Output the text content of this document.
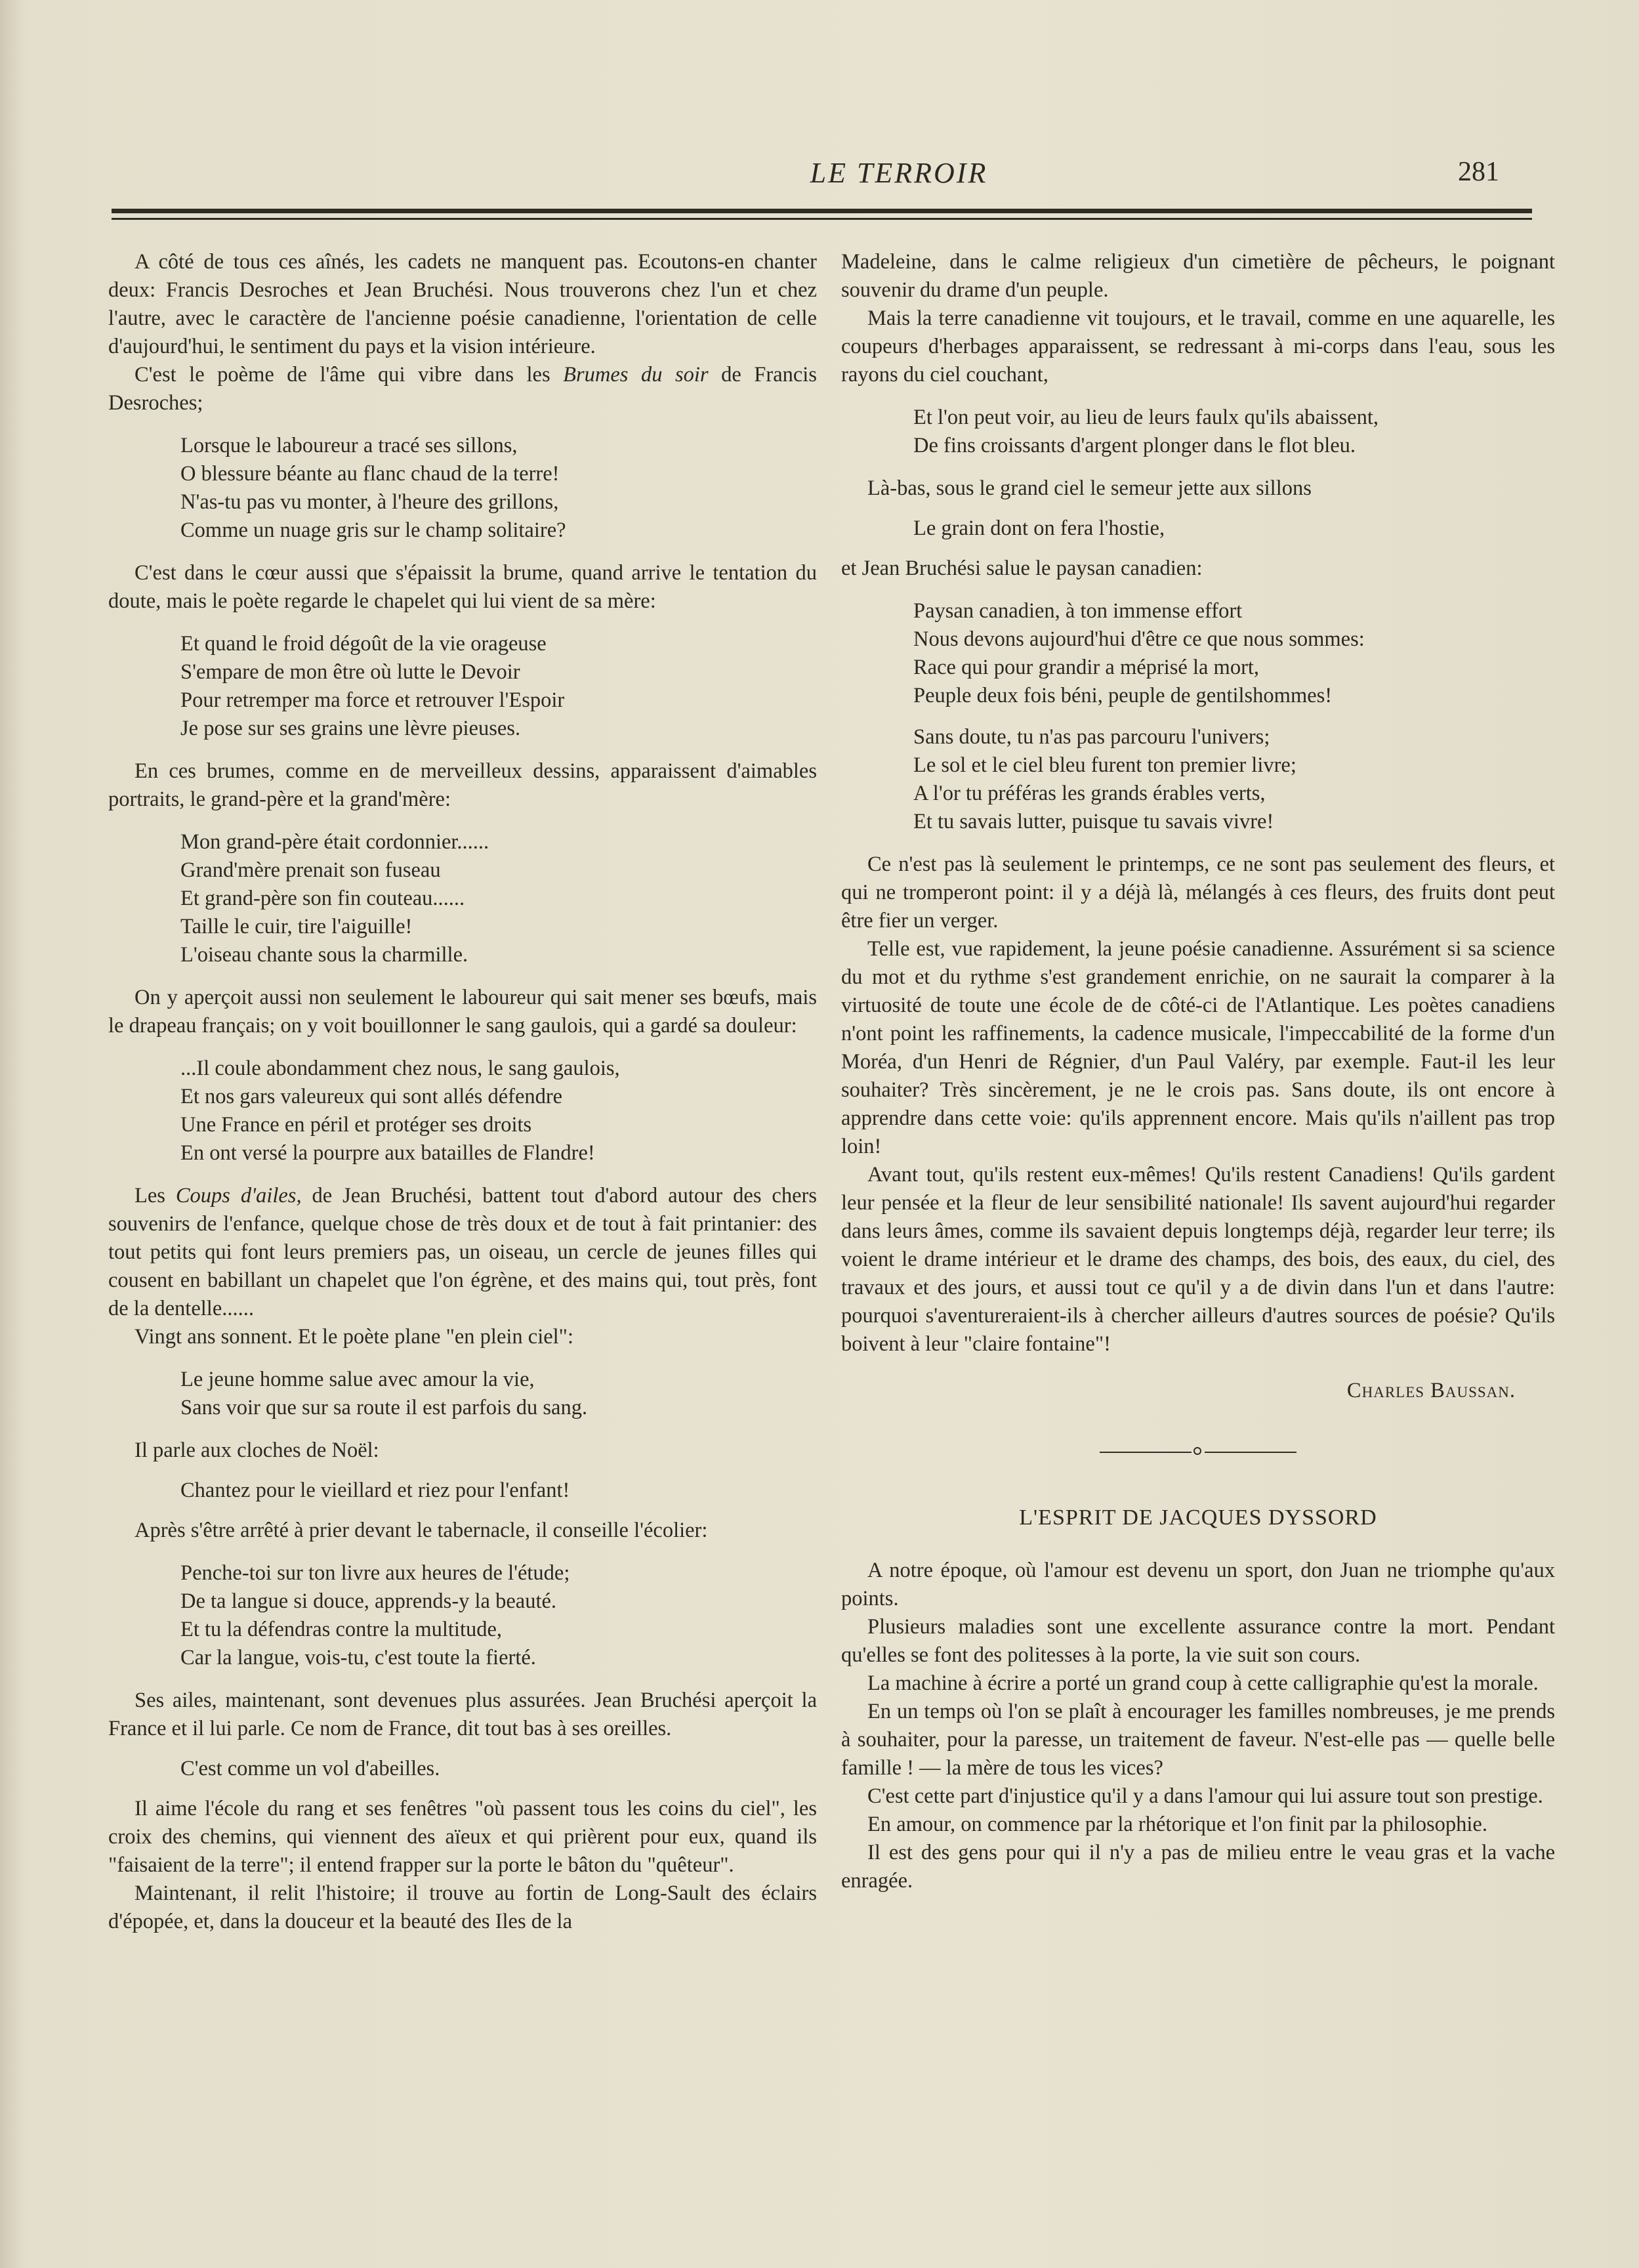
LE TERROIR	281

A côté de tous ces aînés, les cadets ne manquent pas. Ecoutons-en chanter deux: Francis Desroches et Jean Bruchési. Nous trouverons chez l'un et chez l'autre, avec le caractère de l'ancienne poésie canadienne, l'orientation de celle d'aujourd'hui, le sentiment du pays et la vision intérieure.

C'est le poème de l'âme qui vibre dans les Brumes du soir de Francis Desroches;

Lorsque le laboureur a tracé ses sillons,
O blessure béante au flanc chaud de la terre!
N'as-tu pas vu monter, à l'heure des grillons,
Comme un nuage gris sur le champ solitaire?

C'est dans le cœur aussi que s'épaissit la brume, quand arrive le tentation du doute, mais le poète regarde le chapelet qui lui vient de sa mère:

Et quand le froid dégoût de la vie orageuse
S'empare de mon être où lutte le Devoir
Pour retremper ma force et retrouver l'Espoir
Je pose sur ses grains une lèvre pieuses.

En ces brumes, comme en de merveilleux dessins, apparaissent d'aimables portraits, le grand-père et la grand'mère:

Mon grand-père était cordonnier......
Grand'mère prenait son fuseau
Et grand-père son fin couteau......
Taille le cuir, tire l'aiguille!
L'oiseau chante sous la charmille.

On y aperçoit aussi non seulement le laboureur qui sait mener ses bœufs, mais le drapeau français; on y voit bouillonner le sang gaulois, qui a gardé sa douleur:

...Il coule abondamment chez nous, le sang gaulois,
Et nos gars valeureux qui sont allés défendre
Une France en péril et protéger ses droits
En ont versé la pourpre aux batailles de Flandre!

Les Coups d'ailes, de Jean Bruchési, battent tout d'abord autour des chers souvenirs de l'enfance, quelque chose de très doux et de tout à fait printanier: des tout petits qui font leurs premiers pas, un oiseau, un cercle de jeunes filles qui cousent en babillant un chapelet que l'on égrène, et des mains qui, tout près, font de la dentelle......

Vingt ans sonnent. Et le poète plane "en plein ciel":

Le jeune homme salue avec amour la vie,
Sans voir que sur sa route il est parfois du sang.

Il parle aux cloches de Noël:

Chantez pour le vieillard et riez pour l'enfant!

Après s'être arrêté à prier devant le tabernacle, il conseille l'écolier:

Penche-toi sur ton livre aux heures de l'étude;
De ta langue si douce, apprends-y la beauté.
Et tu la défendras contre la multitude,
Car la langue, vois-tu, c'est toute la fierté.

Ses ailes, maintenant, sont devenues plus assurées. Jean Bruchési aperçoit la France et il lui parle. Ce nom de France, dit tout bas à ses oreilles.

C'est comme un vol d'abeilles.

Il aime l'école du rang et ses fenêtres "où passent tous les coins du ciel", les croix des chemins, qui viennent des aïeux et qui prièrent pour eux, quand ils "faisaient de la terre"; il entend frapper sur la porte le bâton du "quêteur".

Maintenant, il relit l'histoire; il trouve au fortin de Long-Sault des éclairs d'épopée, et, dans la douceur et la beauté des Iles de la

Madeleine, dans le calme religieux d'un cimetière de pêcheurs, le poignant souvenir du drame d'un peuple.

Mais la terre canadienne vit toujours, et le travail, comme en une aquarelle, les coupeurs d'herbages apparaissent, se redressant à mi-corps dans l'eau, sous les rayons du ciel couchant,

Et l'on peut voir, au lieu de leurs faulx qu'ils abaissent,
De fins croissants d'argent plonger dans le flot bleu.

Là-bas, sous le grand ciel le semeur jette aux sillons

Le grain dont on fera l'hostie,

et Jean Bruchési salue le paysan canadien:

Paysan canadien, à ton immense effort
Nous devons aujourd'hui d'être ce que nous sommes:
Race qui pour grandir a méprisé la mort,
Peuple deux fois béni, peuple de gentilshommes!
Sans doute, tu n'as pas parcouru l'univers;
Le sol et le ciel bleu furent ton premier livre;
A l'or tu préféras les grands érables verts,
Et tu savais lutter, puisque tu savais vivre!

Ce n'est pas là seulement le printemps, ce ne sont pas seulement des fleurs, et qui ne tromperont point: il y a déjà là, mélangés à ces fleurs, des fruits dont peut être fier un verger.

Telle est, vue rapidement, la jeune poésie canadienne. Assurément si sa science du mot et du rythme s'est grandement enrichie, on ne saurait la comparer à la virtuosité de toute une école de de côté-ci de l'Atlantique. Les poètes canadiens n'ont point les raffinements, la cadence musicale, l'impeccabilité de la forme d'un Moréa, d'un Henri de Régnier, d'un Paul Valéry, par exemple. Faut-il les leur souhaiter? Très sincèrement, je ne le crois pas. Sans doute, ils ont encore à apprendre dans cette voie: qu'ils apprennent encore. Mais qu'ils n'aillent pas trop loin!

Avant tout, qu'ils restent eux-mêmes! Qu'ils restent Canadiens! Qu'ils gardent leur pensée et la fleur de leur sensibilité nationale! Ils savent aujourd'hui regarder dans leurs âmes, comme ils savaient depuis longtemps déjà, regarder leur terre; ils voient le drame intérieur et le drame des champs, des bois, des eaux, du ciel, des travaux et des jours, et aussi tout ce qu'il y a de divin dans l'un et dans l'autre: pourquoi s'aventureraient-ils à chercher ailleurs d'autres sources de poésie? Qu'ils boivent à leur "claire fontaine"!

Charles Baussan.
L'ESPRIT DE JACQUES DYSSORD

A notre époque, où l'amour est devenu un sport, don Juan ne triomphe qu'aux points.

Plusieurs maladies sont une excellente assurance contre la mort. Pendant qu'elles se font des politesses à la porte, la vie suit son cours.

La machine à écrire a porté un grand coup à cette calligraphie qu'est la morale.

En un temps où l'on se plaît à encourager les familles nombreuses, je me prends à souhaiter, pour la paresse, un traitement de faveur. N'est-elle pas — quelle belle famille ! — la mère de tous les vices?

C'est cette part d'injustice qu'il y a dans l'amour qui lui assure tout son prestige.

En amour, on commence par la rhétorique et l'on finit par la philosophie.

Il est des gens pour qui il n'y a pas de milieu entre le veau gras et la vache enragée.
